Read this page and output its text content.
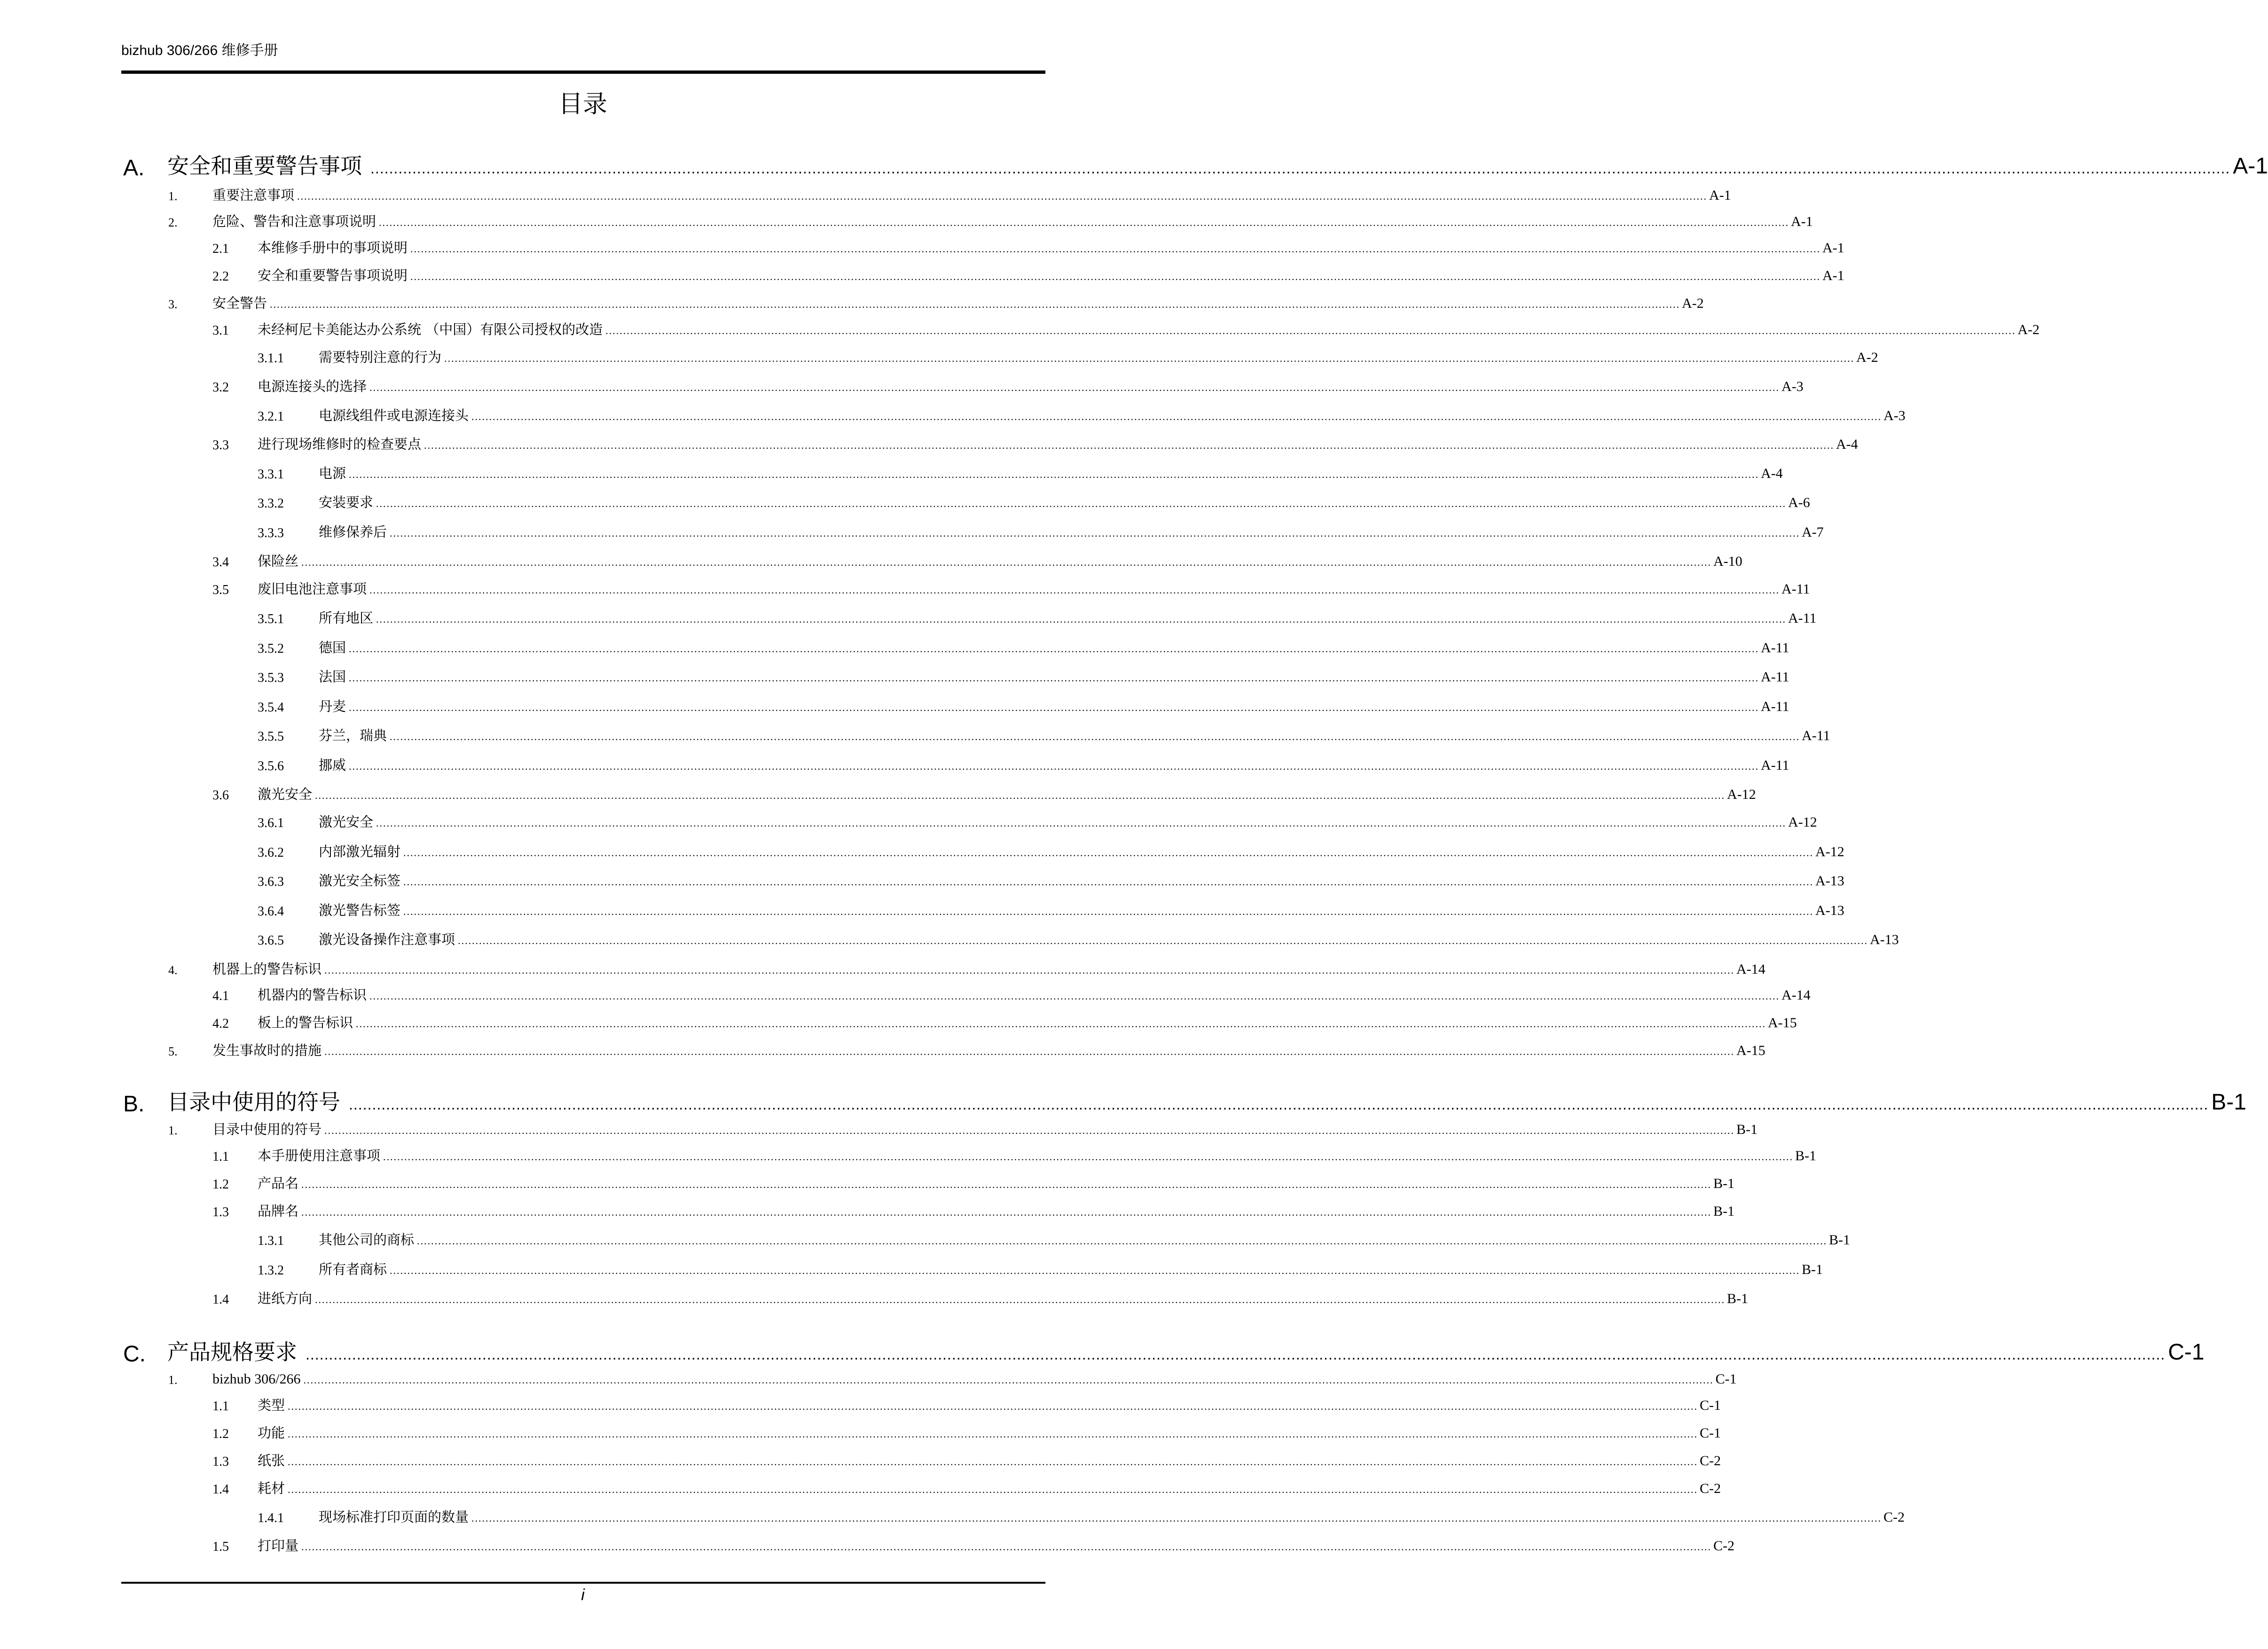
bizhub 306/266 维修手册
目录
A. 安全和重要警告事项 ................................................................................................................................................................................................................................................................................................................................................................................................................ A-1
1.	重要注意事项 ................................................................................................................................................................................................................................................................................................................................................................................................................ A-1
2.	危险、警告和注意事项说明 ................................................................................................................................................................................................................................................................................................................................................................................................................ A-1
2.1 本维修手册中的事项说明 ................................................................................................................................................................................................................................................................................................................................................................................................................ A-1
2.2 安全和重要警告事项说明 ................................................................................................................................................................................................................................................................................................................................................................................................................ A-1
3.	安全警告 ................................................................................................................................................................................................................................................................................................................................................................................................................ A-2
3.1 未经柯尼卡美能达办公系统 （中国）有限公司授权的改造 ................................................................................................................................................................................................................................................................................................................................................................................................................ A-2
3.1.1	需要特别注意的行为 ................................................................................................................................................................................................................................................................................................................................................................................................................ A-2
3.2 电源连接头的选择 ................................................................................................................................................................................................................................................................................................................................................................................................................ A-3
3.2.1	电源线组件或电源连接头 ................................................................................................................................................................................................................................................................................................................................................................................................................ A-3
3.3 进行现场维修时的检查要点 ................................................................................................................................................................................................................................................................................................................................................................................................................ A-4
3.3.1	电源 ................................................................................................................................................................................................................................................................................................................................................................................................................ A-4
3.3.2	安装要求 ................................................................................................................................................................................................................................................................................................................................................................................................................ A-6
3.3.3	维修保养后 ................................................................................................................................................................................................................................................................................................................................................................................................................ A-7
3.4 保险丝 ................................................................................................................................................................................................................................................................................................................................................................................................................ A-10
3.5 废旧电池注意事项 ................................................................................................................................................................................................................................................................................................................................................................................................................ A-11
3.5.1	所有地区 ................................................................................................................................................................................................................................................................................................................................................................................................................ A-11
3.5.2	德国 ................................................................................................................................................................................................................................................................................................................................................................................................................ A-11
3.5.3	法国 ................................................................................................................................................................................................................................................................................................................................................................................................................ A-11
3.5.4	丹麦 ................................................................................................................................................................................................................................................................................................................................................................................................................ A-11
3.5.5	芬兰，瑞典 ................................................................................................................................................................................................................................................................................................................................................................................................................ A-11
3.5.6	挪威 ................................................................................................................................................................................................................................................................................................................................................................................................................ A-11
3.6 激光安全 ................................................................................................................................................................................................................................................................................................................................................................................................................ A-12
3.6.1	激光安全 ................................................................................................................................................................................................................................................................................................................................................................................................................ A-12
3.6.2	内部激光辐射 ................................................................................................................................................................................................................................................................................................................................................................................................................ A-12
3.6.3	激光安全标签 ................................................................................................................................................................................................................................................................................................................................................................................................................ A-13
3.6.4	激光警告标签 ................................................................................................................................................................................................................................................................................................................................................................................................................ A-13
3.6.5	激光设备操作注意事项 ................................................................................................................................................................................................................................................................................................................................................................................................................ A-13
4.	机器上的警告标识 ................................................................................................................................................................................................................................................................................................................................................................................................................ A-14
4.1 机器内的警告标识 ................................................................................................................................................................................................................................................................................................................................................................................................................ A-14
4.2 板上的警告标识 ................................................................................................................................................................................................................................................................................................................................................................................................................ A-15
5.	发生事故时的措施 ................................................................................................................................................................................................................................................................................................................................................................................................................ A-15
B. 目录中使用的符号 ................................................................................................................................................................................................................................................................................................................................................................................................................ B-1
1.	目录中使用的符号 ................................................................................................................................................................................................................................................................................................................................................................................................................ B-1
1.1 本手册使用注意事项 ................................................................................................................................................................................................................................................................................................................................................................................................................ B-1
1.2 产品名 ................................................................................................................................................................................................................................................................................................................................................................................................................ B-1
1.3 品牌名 ................................................................................................................................................................................................................................................................................................................................................................................................................ B-1
1.3.1	其他公司的商标 ................................................................................................................................................................................................................................................................................................................................................................................................................ B-1
1.3.2	所有者商标 ................................................................................................................................................................................................................................................................................................................................................................................................................ B-1
1.4 进纸方向 ................................................................................................................................................................................................................................................................................................................................................................................................................ B-1
C. 产品规格要求 ................................................................................................................................................................................................................................................................................................................................................................................................................ C-1
1. bizhub 306/266 ................................................................................................................................................................................................................................................................................................................................................................................................................ C-1
1.1 类型 ................................................................................................................................................................................................................................................................................................................................................................................................................ C-1
1.2 功能 ................................................................................................................................................................................................................................................................................................................................................................................................................ C-1
1.3 纸张 ................................................................................................................................................................................................................................................................................................................................................................................................................ C-2
1.4 耗材 ................................................................................................................................................................................................................................................................................................................................................................................................................ C-2
1.4.1	现场标准打印页面的数量 ................................................................................................................................................................................................................................................................................................................................................................................................................ C-2
1.5 打印量 ................................................................................................................................................................................................................................................................................................................................................................................................................ C-2
i
